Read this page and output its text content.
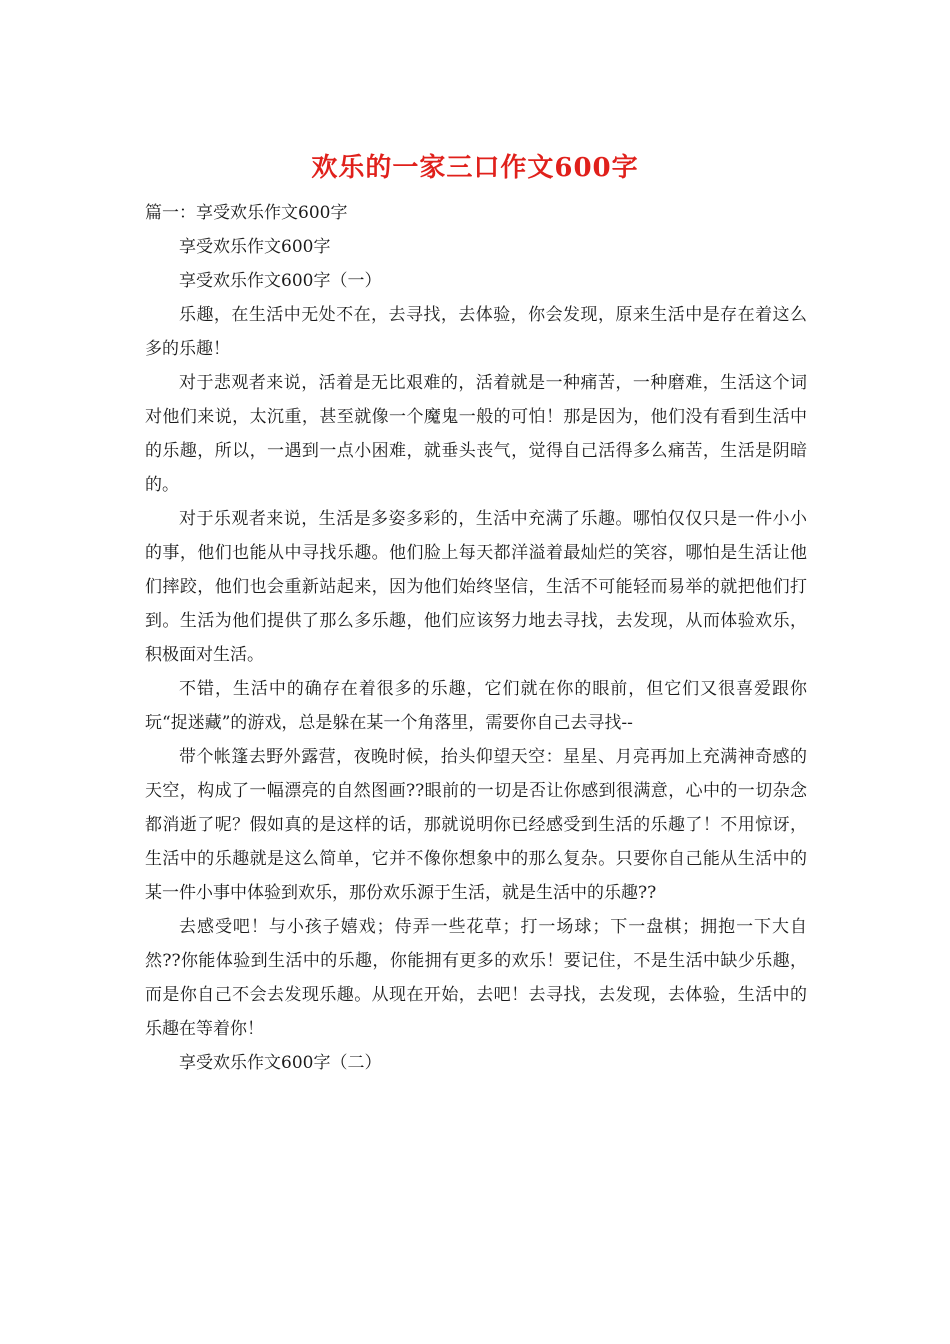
欢乐的一家三口作文600字

篇一：享受欢乐作文600字

享受欢乐作文600字

享受欢乐作文600字（一）

乐趣，在生活中无处不在，去寻找，去体验，你会发现，原来生活中是存在着这么多的乐趣！

对于悲观者来说，活着是无比艰难的，活着就是一种痛苦，一种磨难，生活这个词对他们来说，太沉重，甚至就像一个魔鬼一般的可怕！那是因为，他们没有看到生活中的乐趣，所以，一遇到一点小困难，就垂头丧气，觉得自己活得多么痛苦，生活是阴暗的。

对于乐观者来说，生活是多姿多彩的，生活中充满了乐趣。哪怕仅仅只是一件小小的事，他们也能从中寻找乐趣。他们脸上每天都洋溢着最灿烂的笑容，哪怕是生活让他们摔跤，他们也会重新站起来，因为他们始终坚信，生活不可能轻而易举的就把他们打到。生活为他们提供了那么多乐趣，他们应该努力地去寻找，去发现，从而体验欢乐，积极面对生活。

不错，生活中的确存在着很多的乐趣，它们就在你的眼前，但它们又很喜爱跟你玩“捉迷藏”的游戏，总是躲在某一个角落里，需要你自己去寻找--

带个帐篷去野外露营，夜晚时候，抬头仰望天空：星星、月亮再加上充满神奇感的天空，构成了一幅漂亮的自然图画??眼前的一切是否让你感到很满意，心中的一切杂念都消逝了呢？假如真的是这样的话，那就说明你已经感受到生活的乐趣了！不用惊讶，生活中的乐趣就是这么简单，它并不像你想象中的那么复杂。只要你自己能从生活中的某一件小事中体验到欢乐，那份欢乐源于生活，就是生活中的乐趣??

去感受吧！与小孩子嬉戏；侍弄一些花草；打一场球；下一盘棋；拥抱一下大自然??你能体验到生活中的乐趣，你能拥有更多的欢乐！要记住，不是生活中缺少乐趣，而是你自己不会去发现乐趣。从现在开始，去吧！去寻找，去发现，去体验，生活中的乐趣在等着你！

享受欢乐作文600字（二）
